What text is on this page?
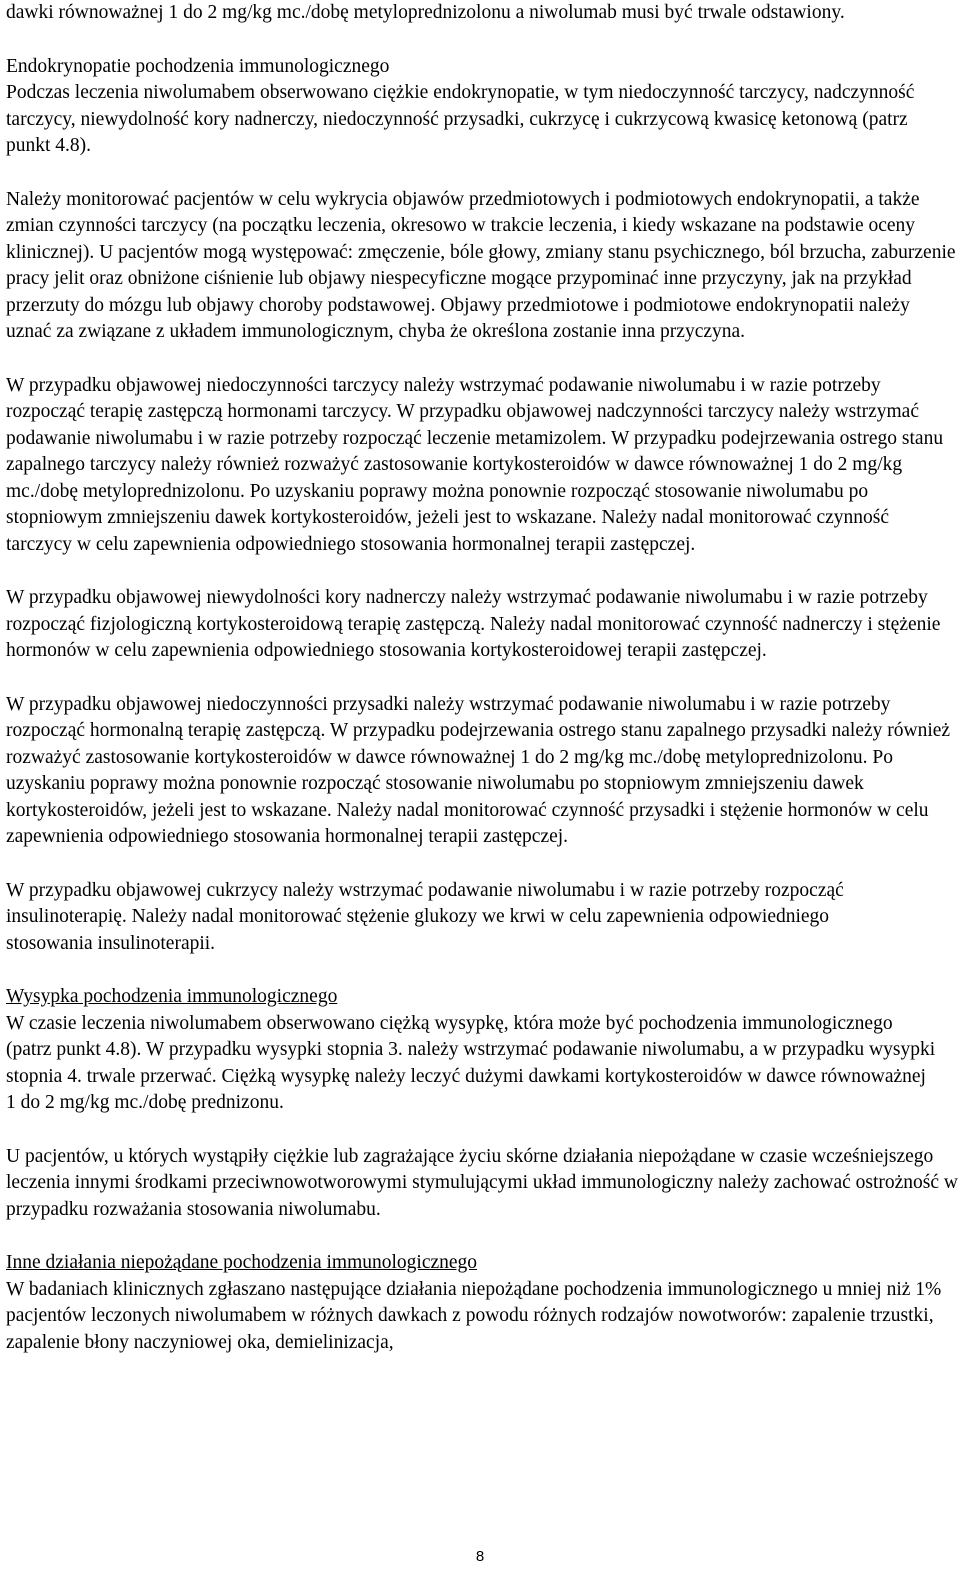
dawki równoważnej 1 do 2 mg/kg mc./dobę metyloprednizolonu a niwolumab musi być trwale odstawiony.

Endokrynopatie pochodzenia immunologicznego

Podczas leczenia niwolumabem obserwowano ciężkie endokrynopatie, w tym niedoczynność tarczycy, nadczynność tarczycy, niewydolność kory nadnerczy, niedoczynność przysadki, cukrzycę i cukrzycową kwasicę ketonową (patrz punkt 4.8).

Należy monitorować pacjentów w celu wykrycia objawów przedmiotowych i podmiotowych endokrynopatii, a także zmian czynności tarczycy (na początku leczenia, okresowo w trakcie leczenia, i kiedy wskazane na podstawie oceny klinicznej). U pacjentów mogą występować: zmęczenie, bóle głowy, zmiany stanu psychicznego, ból brzucha, zaburzenie pracy jelit oraz obniżone ciśnienie lub objawy niespecyficzne mogące przypominać inne przyczyny, jak na przykład przerzuty do mózgu lub objawy choroby podstawowej. Objawy przedmiotowe i podmiotowe endokrynopatii należy uznać za związane z układem immunologicznym, chyba że określona zostanie inna przyczyna.

W przypadku objawowej niedoczynności tarczycy należy wstrzymać podawanie niwolumabu i w razie potrzeby rozpocząć terapię zastępczą hormonami tarczycy. W przypadku objawowej nadczynności tarczycy należy wstrzymać podawanie niwolumabu i w razie potrzeby rozpocząć leczenie metamizolem. W przypadku podejrzewania ostrego stanu zapalnego tarczycy należy również rozważyć zastosowanie kortykosteroidów w dawce równoważnej 1 do 2 mg/kg mc./dobę metyloprednizolonu. Po uzyskaniu poprawy można ponownie rozpocząć stosowanie niwolumabu po stopniowym zmniejszeniu dawek kortykosteroidów, jeżeli jest to wskazane. Należy nadal monitorować czynność tarczycy w celu zapewnienia odpowiedniego stosowania hormonalnej terapii zastępczej.

W przypadku objawowej niewydolności kory nadnerczy należy wstrzymać podawanie niwolumabu i w razie potrzeby rozpocząć fizjologiczną kortykosteroidową terapię zastępczą. Należy nadal monitorować czynność nadnerczy i stężenie hormonów w celu zapewnienia odpowiedniego stosowania kortykosteroidowej terapii zastępczej.

W przypadku objawowej niedoczynności przysadki należy wstrzymać podawanie niwolumabu i w razie potrzeby rozpocząć hormonalną terapię zastępczą. W przypadku podejrzewania ostrego stanu zapalnego przysadki należy również rozważyć zastosowanie kortykosteroidów w dawce równoważnej 1 do 2 mg/kg mc./dobę metyloprednizolonu. Po uzyskaniu poprawy można ponownie rozpocząć stosowanie niwolumabu po stopniowym zmniejszeniu dawek kortykosteroidów, jeżeli jest to wskazane. Należy nadal monitorować czynność przysadki i stężenie hormonów w celu zapewnienia odpowiedniego stosowania hormonalnej terapii zastępczej.

W przypadku objawowej cukrzycy należy wstrzymać podawanie niwolumabu i w razie potrzeby rozpocząć insulinoterapię. Należy nadal monitorować stężenie glukozy we krwi w celu zapewnienia odpowiedniego stosowania insulinoterapii.

Wysypka pochodzenia immunologicznego

W czasie leczenia niwolumabem obserwowano ciężką wysypkę, która może być pochodzenia immunologicznego (patrz punkt 4.8). W przypadku wysypki stopnia 3. należy wstrzymać podawanie niwolumabu, a w przypadku wysypki stopnia 4. trwale przerwać. Ciężką wysypkę należy leczyć dużymi dawkami kortykosteroidów w dawce równoważnej 1 do 2 mg/kg mc./dobę prednizonu.

U pacjentów, u których wystąpiły ciężkie lub zagrażające życiu skórne działania niepożądane w czasie wcześniejszego leczenia innymi środkami przeciwnowotworowymi stymulującymi układ immunologiczny należy zachować ostrożność w przypadku rozważania stosowania niwolumabu.

Inne działania niepożądane pochodzenia immunologicznego

W badaniach klinicznych zgłaszano następujące działania niepożądane pochodzenia immunologicznego u mniej niż 1% pacjentów leczonych niwolumabem w różnych dawkach z powodu różnych rodzajów nowotworów: zapalenie trzustki, zapalenie błony naczyniowej oka, demielinizacja,

8
